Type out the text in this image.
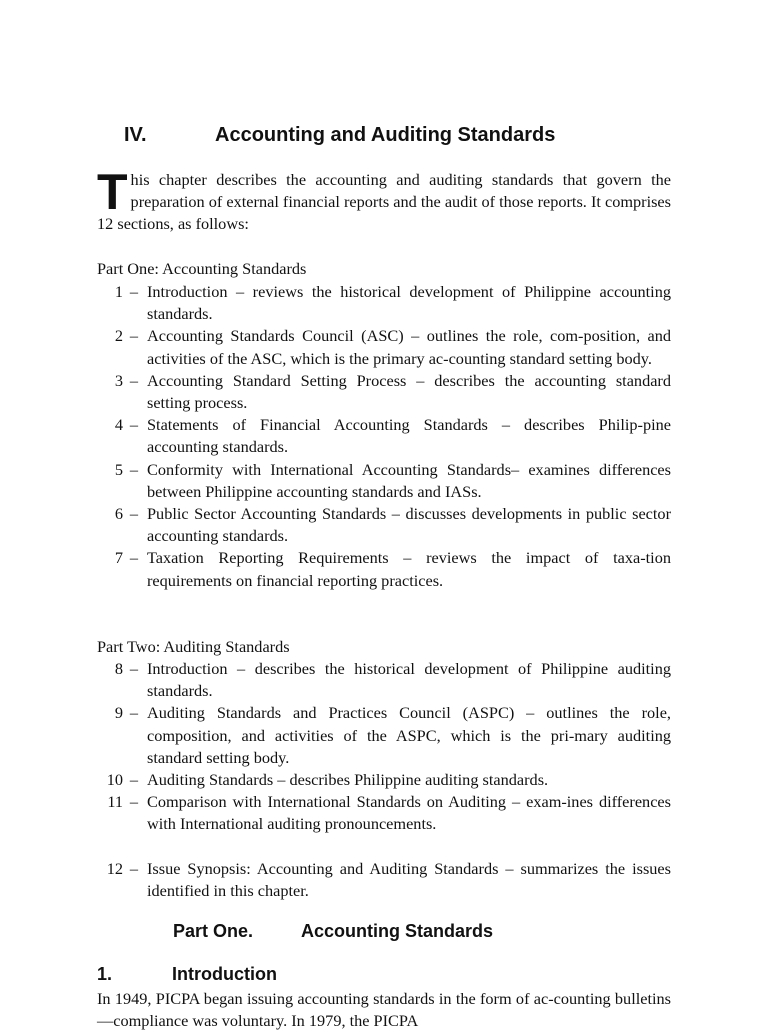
IV.	Accounting and Auditing Standards

This chapter describes the accounting and auditing standards that govern the preparation of external financial reports and the audit of those reports. It comprises 12 sections, as follows:

Part One: Accounting Standards
1 – Introduction – reviews the historical development of Philippine accounting standards.
2 – Accounting Standards Council (ASC) – outlines the role, com-position, and activities of the ASC, which is the primary ac-counting standard setting body.
3 – Accounting Standard Setting Process – describes the accounting standard setting process.
4 – Statements of Financial Accounting Standards – describes Philip-pine accounting standards.
5 – Conformity with International Accounting Standards– examines differences between Philippine accounting standards and IASs.
6 – Public Sector Accounting Standards – discusses developments in public sector accounting standards.
7 – Taxation Reporting Requirements – reviews the impact of taxa-tion requirements on financial reporting practices.
Part Two: Auditing Standards
8 – Introduction – describes the historical development of Philippine auditing standards.
9 – Auditing Standards and Practices Council (ASPC) – outlines the role, composition, and activities of the ASPC, which is the pri-mary auditing standard setting body.
10 – Auditing Standards – describes Philippine auditing standards.
11 – Comparison with International Standards on Auditing – exam-ines differences with International auditing pronouncements.
12 – Issue Synopsis: Accounting and Auditing Standards – summarizes the issues identified in this chapter.
Part One.	Accounting Standards
1.	Introduction

In 1949, PICPA began issuing accounting standards in the form of ac-counting bulletins—compliance was voluntary. In 1979, the PICPA
